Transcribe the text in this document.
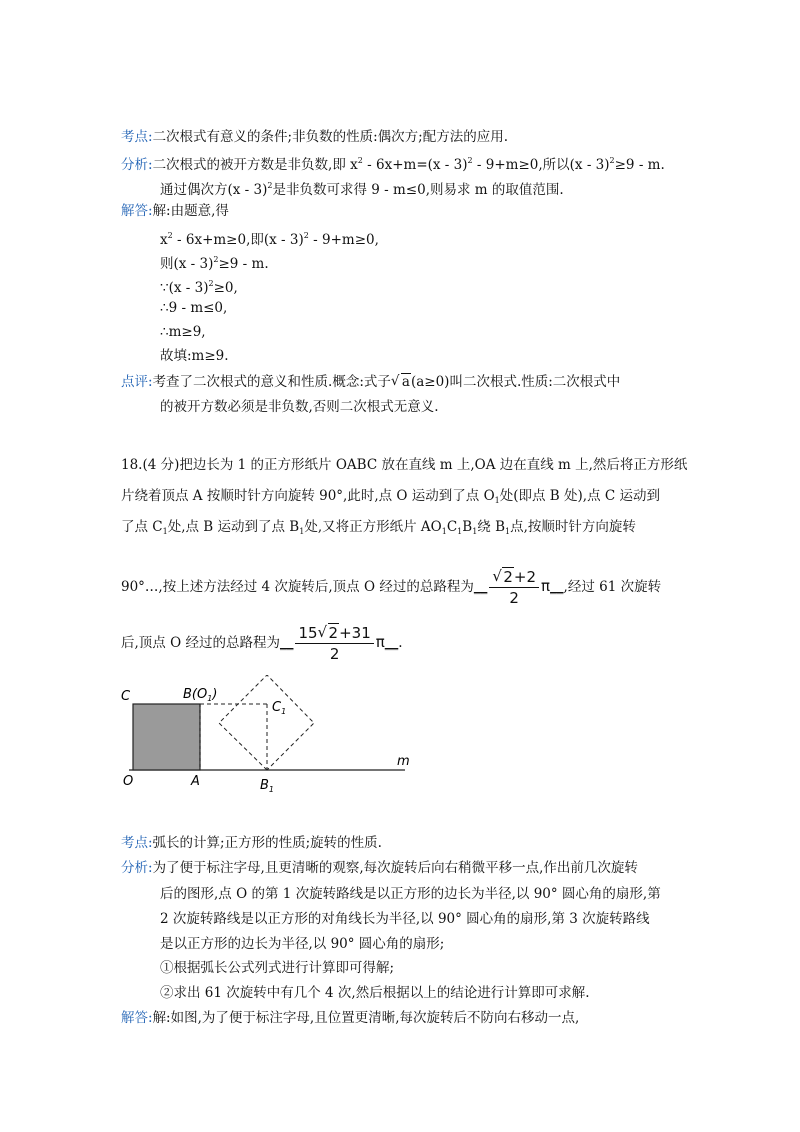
考点:二次根式有意义的条件;非负数的性质:偶次方;配方法的应用.
分析:二次根式的被开方数是非负数,即 $x^2 - 6x+m=(x - 3)^2 - 9+m\ge 0$,所以(x - 3)$^2$≥9 - m.
通过偶次方(x - 3)$^2$是非负数可求得 9 - m≤0,则易求 m 的取值范围.
解答:解:由题意,得
$x^2 - 6x+m\ge 0$,即(x - 3)$^2$ - 9+m≥0,
则(x - 3)$^2$≥9 - m.
∵(x - 3)$^2$≥0,
∴9 - m≤0,
∴m≥9,
故填:m≥9.
点评:考查了二次根式的意义和性质.概念:式子 √ a(a≥0)叫二次根式.性质:二次根式中
的被开方数必须是非负数,否则二次根式无意义.
18.(4 分)把边长为 1 的正方形纸片 OABC 放在直线 m 上,OA 边在直线 m 上,然后将正方形纸
片绕着顶点 A 按顺时针方向旋转 90°,此时,点 O 运动到了点 $O_1$处(即点 B 处),点 C 运动到
了点 $C_1$处,点 B 运动到了点 $B_1$处,又将正方形纸片 $AO_1C_1B_1$绕 $B_1$点,按顺时针方向旋转
90°…,按上述方法经过 4 次旋转后,顶点 O 经过的总路程为__ √ $\frac{2+2}{2}$ π__,经过 61 次旋转
后,顶点 O 经过的总路程为__ $\frac{15 √ 2+31}{2}$ π__.
C	$B(O_1)$
$C_1$
O	A	$B_1$
m
考点:弧长的计算;正方形的性质;旋转的性质.
分析:为了便于标注字母,且更清晰的观察,每次旋转后向右稍微平移一点,作出前几次旋转
后的图形,点 O 的第 1 次旋转路线是以正方形的边长为半径,以 90° 圆心角的扇形,第
2 次旋转路线是以正方形的对角线长为半径,以 90° 圆心角的扇形,第 3 次旋转路线
是以正方形的边长为半径,以 90° 圆心角的扇形;
①根据弧长公式列式进行计算即可得解;
②求出 61 次旋转中有几个 4 次,然后根据以上的结论进行计算即可求解.
解答:解:如图,为了便于标注字母,且位置更清晰,每次旋转后不防向右移动一点,
